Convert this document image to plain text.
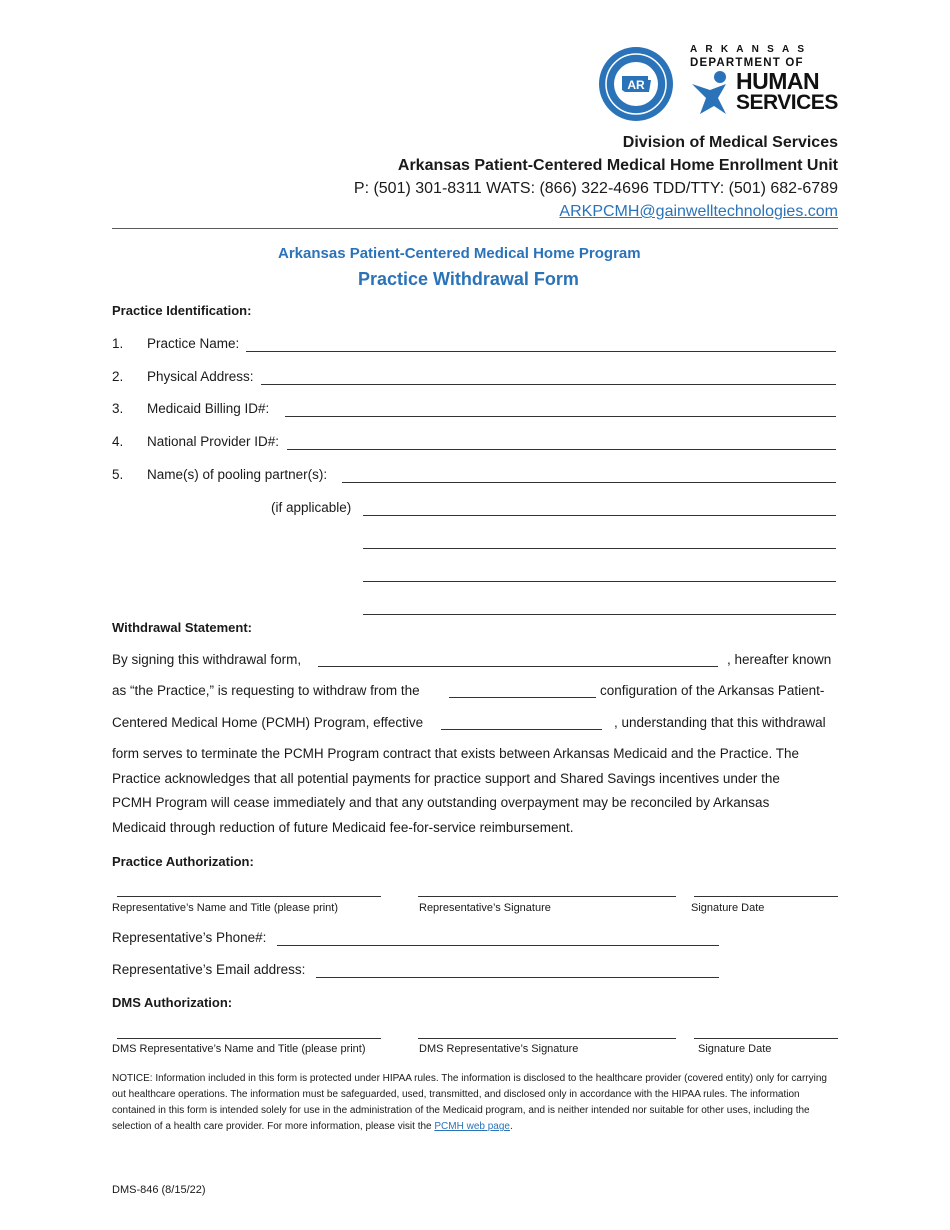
AR
ARKANSAS
DEPARTMENT OF
HUMAN
SERVICES
Division of Medical Services
Arkansas Patient-Centered Medical Home Enrollment Unit
P: (501) 301-8311 WATS: (866) 322-4696 TDD/TTY: (501) 682-6789
ARKPCMH@gainwelltechnologies.com
Arkansas Patient-Centered Medical Home Program
Practice Withdrawal Form
Practice Identification:
1. Practice Name:
2. Physical Address:
3. Medicaid Billing ID#:
4. National Provider ID#:
5. Name(s) of pooling partner(s):
(if applicable)
Withdrawal Statement:
By signing this withdrawal form,	, hereafter known
as “the Practice,” is requesting to withdraw from the	configuration of the Arkansas Patient-
Centered Medical Home (PCMH) Program, effective	, understanding that this withdrawal
form serves to terminate the PCMH Program contract that exists between Arkansas Medicaid and the Practice. The
Practice acknowledges that all potential payments for practice support and Shared Savings incentives under the
PCMH Program will cease immediately and that any outstanding overpayment may be reconciled by Arkansas
Medicaid through reduction of future Medicaid fee-for-service reimbursement.
Practice Authorization:
Representative’s Name and Title (please print)	Representative’s Signature	Signature Date
Representative’s Phone#:
Representative’s Email address:
DMS Authorization:
DMS Representative’s Name and Title (please print)	DMS Representative’s Signature	Signature Date
NOTICE: Information included in this form is protected under HIPAA rules. The information is disclosed to the healthcare provider (covered entity) only for carrying out healthcare operations. The information must be safeguarded, used, transmitted, and disclosed only in accordance with the HIPAA rules. The information contained in this form is intended solely for use in the administration of the Medicaid program, and is neither intended nor suitable for other uses, including the selection of a health care provider. For more information, please visit the PCMH web page.
DMS-846 (8/15/22)
